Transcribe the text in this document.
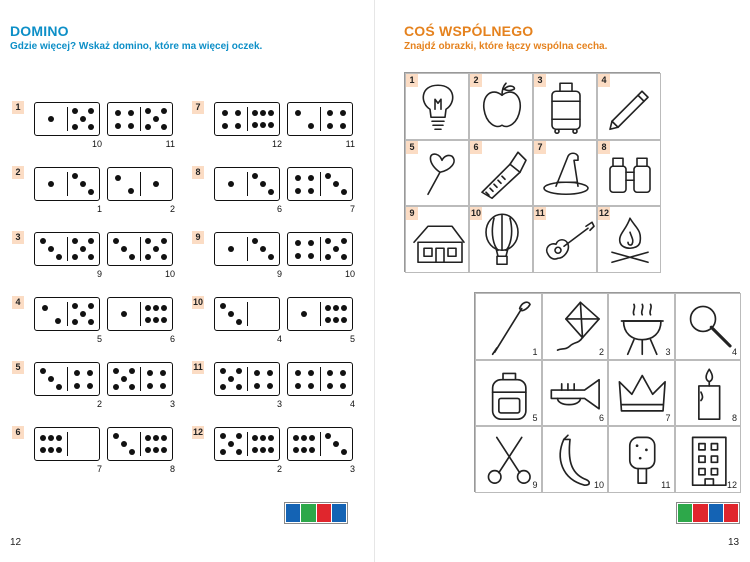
DOMINO
Gdzie więcej? Wskaż domino, które ma więcej oczek.
1
10	11
2
1	2
3
9	10
4
5	6
5
2	3
6
7	8
7
12	11
8
6	7
9
9	10
10
4	5
11
3	4
12
2	3
12
COŚ WSPÓLNEGO
Znajdź obrazki, które łączy wspólna cecha.
1	2	3	4
5	6	7	8
9	10	11	12
1	2	3	4
5	6	7	8
9	10	11	12
13
